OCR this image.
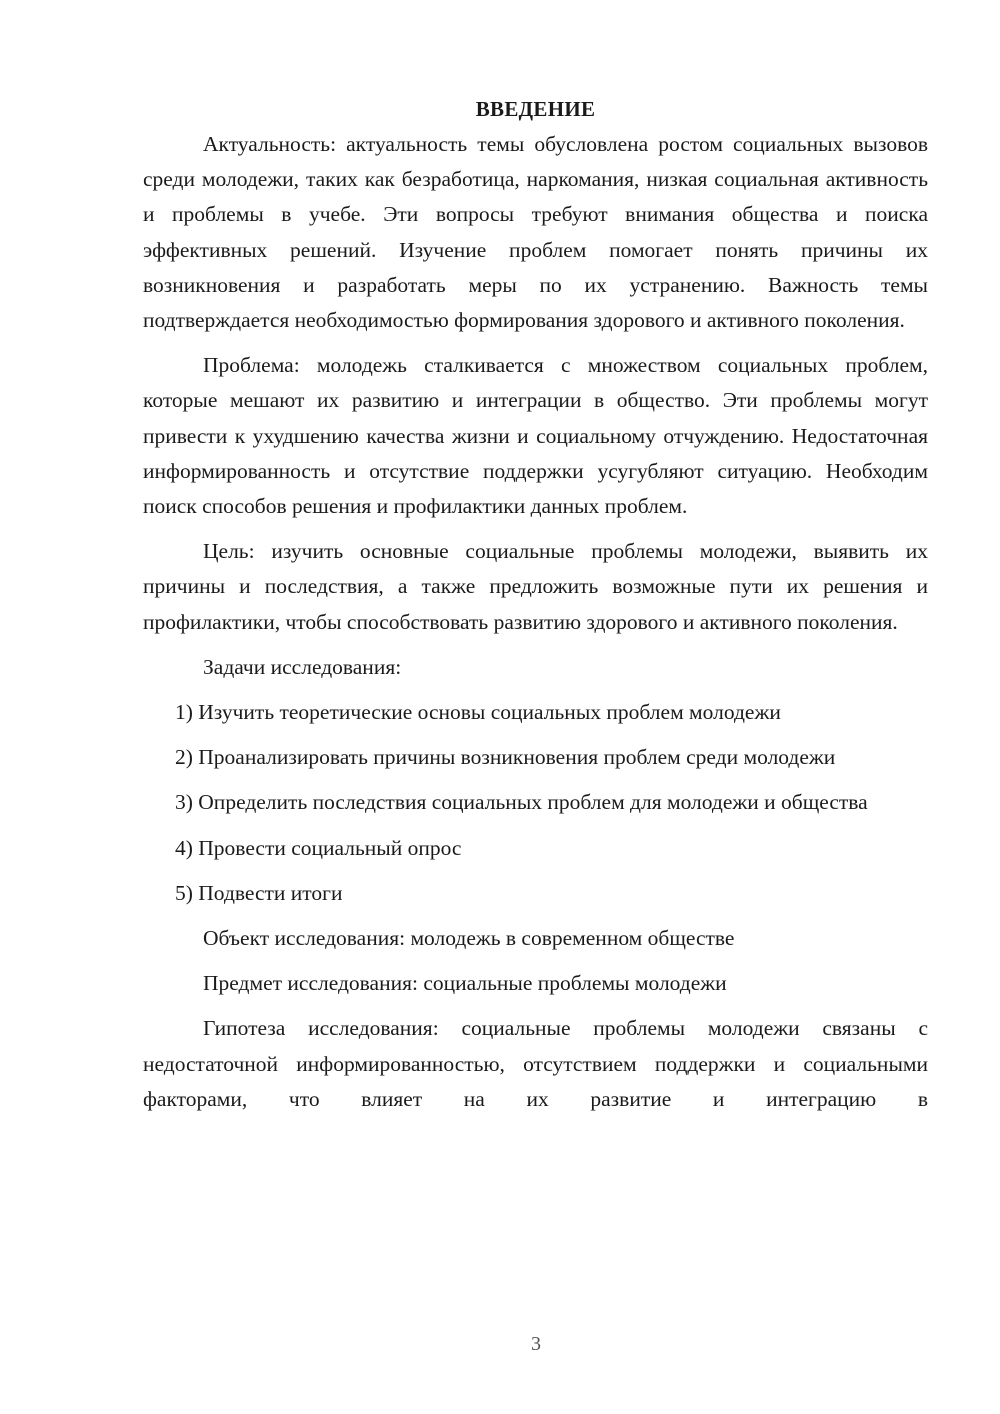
ВВЕДЕНИЕ

Актуальность: актуальность темы обусловлена ростом социальных вызовов среди молодежи, таких как безработица, наркомания, низкая социальная активность и проблемы в учебе. Эти вопросы требуют внимания общества и поиска эффективных решений. Изучение проблем помогает понять причины их возникновения и разработать меры по их устранению. Важность темы подтверждается необходимостью формирования здорового и активного поколения.

Проблема: молодежь сталкивается с множеством социальных проблем, которые мешают их развитию и интеграции в общество. Эти проблемы могут привести к ухудшению качества жизни и социальному отчуждению. Недостаточная информированность и отсутствие поддержки усугубляют ситуацию. Необходим поиск способов решения и профилактики данных проблем.

Цель: изучить основные социальные проблемы молодежи, выявить их причины и последствия, а также предложить возможные пути их решения и профилактики, чтобы способствовать развитию здорового и активного поколения.

Задачи исследования:

1) Изучить теоретические основы социальных проблем молодежи

2) Проанализировать причины возникновения проблем среди молодежи

3) Определить последствия социальных проблем для молодежи и общества

4) Провести социальный опрос

5) Подвести итоги

Объект исследования: молодежь в современном обществе

Предмет исследования: социальные проблемы молодежи

Гипотеза исследования: социальные проблемы молодежи связаны с недостаточной информированностью, отсутствием поддержки и социальными факторами, что влияет на их развитие и интеграцию в

3
